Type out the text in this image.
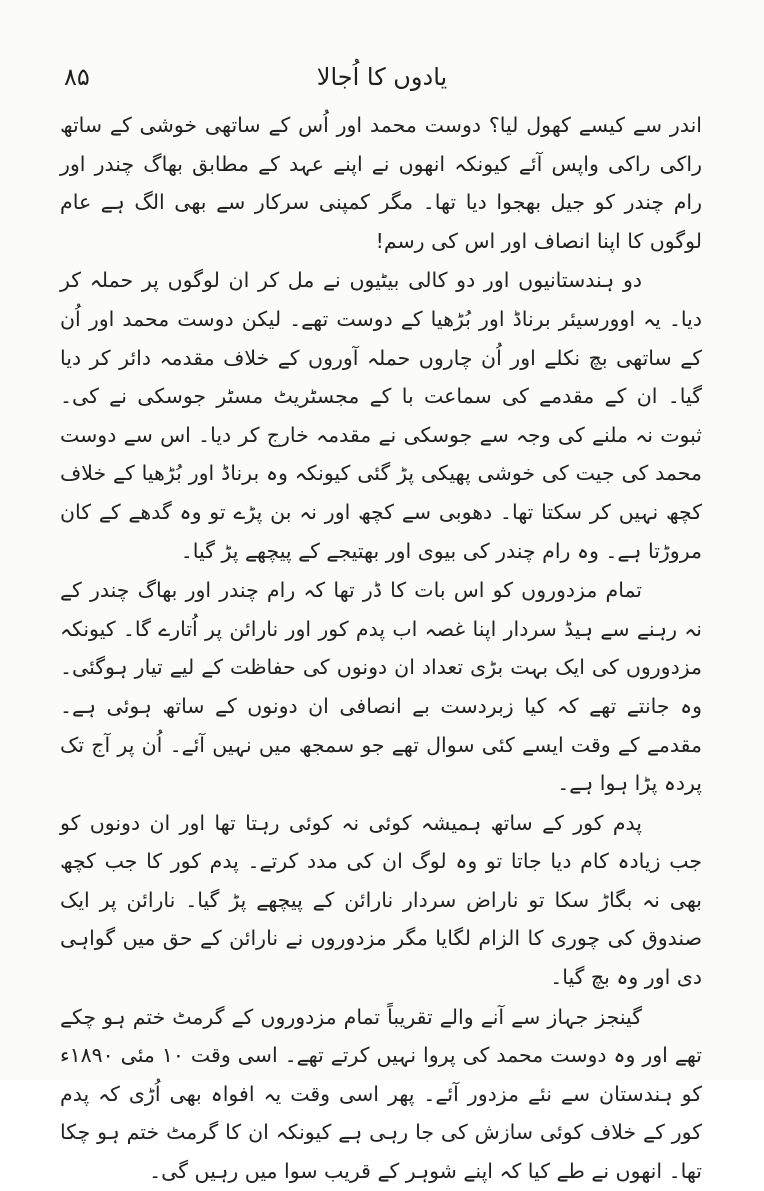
یادوں کا اُجالا
۸۵

اندر سے کیسے کھول لیا؟ دوست محمد اور اُس کے ساتھی خوشی کے ساتھ راکی راکی واپس آئے کیونکہ انھوں نے اپنے عہد کے مطابق بھاگ چندر اور رام چندر کو جیل بھجوا دیا تھا۔ مگر کمپنی سرکار سے بھی الگ ہے عام لوگوں کا اپنا انصاف اور اس کی رسم!

دو ہندستانیوں اور دو کالی بیٹیوں نے مل کر ان لوگوں پر حملہ کر دیا۔ یہ اوورسیئر برناڈ اور بُڑھیا کے دوست تھے۔ لیکن دوست محمد اور اُن کے ساتھی بچ نکلے اور اُن چاروں حملہ آوروں کے خلاف مقدمہ دائر کر دیا گیا۔ ان کے مقدمے کی سماعت با کے مجسٹریٹ مسٹر جوسکی نے کی۔ ثبوت نہ ملنے کی وجہ سے جوسکی نے مقدمہ خارج کر دیا۔ اس سے دوست محمد کی جیت کی خوشی پھیکی پڑ گئی کیونکہ وہ برناڈ اور بُڑھیا کے خلاف کچھ نہیں کر سکتا تھا۔ دھوبی سے کچھ اور نہ بن پڑے تو وہ گدھے کے کان مروڑتا ہے۔ وہ رام چندر کی بیوی اور بھتیجے کے پیچھے پڑ گیا۔

تمام مزدوروں کو اس بات کا ڈر تھا کہ رام چندر اور بھاگ چندر کے نہ رہنے سے ہیڈ سردار اپنا غصہ اب پدم کور اور نارائن پر اُتارے گا۔ کیونکہ مزدوروں کی ایک بہت بڑی تعداد ان دونوں کی حفاظت کے لیے تیار ہوگئی۔ وہ جانتے تھے کہ کیا زبردست بے انصافی ان دونوں کے ساتھ ہوئی ہے۔ مقدمے کے وقت ایسے کئی سوال تھے جو سمجھ میں نہیں آئے۔ اُن پر آج تک پردہ پڑا ہوا ہے۔

پدم کور کے ساتھ ہمیشہ کوئی نہ کوئی رہتا تھا اور ان دونوں کو جب زیادہ کام دیا جاتا تو وہ لوگ ان کی مدد کرتے۔ پدم کور کا جب کچھ بھی نہ بگاڑ سکا تو ناراض سردار نارائن کے پیچھے پڑ گیا۔ نارائن پر ایک صندوق کی چوری کا الزام لگایا مگر مزدوروں نے نارائن کے حق میں گواہی دی اور وہ بچ گیا۔

گینجز جہاز سے آنے والے تقریباً تمام مزدوروں کے گرمٹ ختم ہو چکے تھے اور وہ دوست محمد کی پروا نہیں کرتے تھے۔ اسی وقت ۱۰ مئی ۱۸۹۰ء کو ہندستان سے نئے مزدور آئے۔ پھر اسی وقت یہ افواہ بھی اُڑی کہ پدم کور کے خلاف کوئی سازش کی جا رہی ہے کیونکہ ان کا گرمٹ ختم ہو چکا تھا۔ انھوں نے طے کیا کہ اپنے شوہر کے قریب سوا میں رہیں گی۔
